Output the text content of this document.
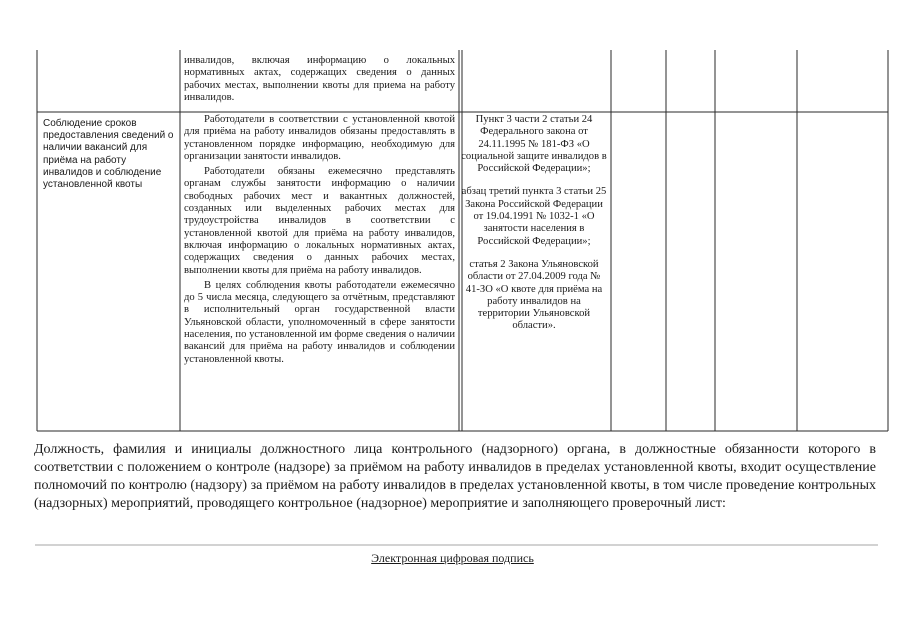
инвалидов, включая информацию о локальных нормативных актах, содержащих сведения о данных рабочих местах, выполнении квоты для приема на работу инвалидов.

Соблюдение сроков предоставления сведений о наличии вакансий для приёма на работу инвалидов и соблюдение установленной квоты

Работодатели в соответствии с установленной квотой для приёма на работу инвалидов обязаны предоставлять в установленном порядке информацию, необходимую для организации занятости инвалидов.

Работодатели обязаны ежемесячно представлять органам службы занятости информацию о наличии свободных рабочих мест и вакантных должностей, созданных или выделенных рабочих местах для трудоустройства инвалидов в соответствии с установленной квотой для приёма на работу инвалидов, включая информацию о локальных нормативных актах, содержащих сведения о данных рабочих местах, выполнении квоты для приёма на работу инвалидов.

В целях соблюдения квоты работодатели ежемесячно до 5 числа месяца, следующего за отчётным, представляют в исполнительный орган государственной власти Ульяновской области, уполномоченный в сфере занятости населения, по установленной им форме сведения о наличии вакансий для приёма на работу инвалидов и соблюдении установленной квоты.

Пункт 3 части 2 статьи 24 Федерального закона от 24.11.1995 № 181-ФЗ «О социальной защите инвалидов в Российской Федерации»;

абзац третий пункта 3 статьи 25 Закона Российской Федерации от 19.04.1991 № 1032-1 «О занятости населения в Российской Федерации»;

статья 2 Закона Ульяновской области от 27.04.2009 года № 41-ЗО «О квоте для приёма на работу инвалидов на территории Ульяновской области».

Должность, фамилия и инициалы должностного лица контрольного (надзорного) органа, в должностные обязанности которого в соответствии с положением о контроле (надзоре) за приёмом на работу инвалидов в пределах установленной квоты, входит осуществление полномочий по контролю (надзору) за приёмом на работу инвалидов в пределах установленной квоты, в том числе проведение контрольных (надзорных) мероприятий, проводящего контрольное (надзорное) мероприятие и заполняющего проверочный лист:

Электронная цифровая подпись
